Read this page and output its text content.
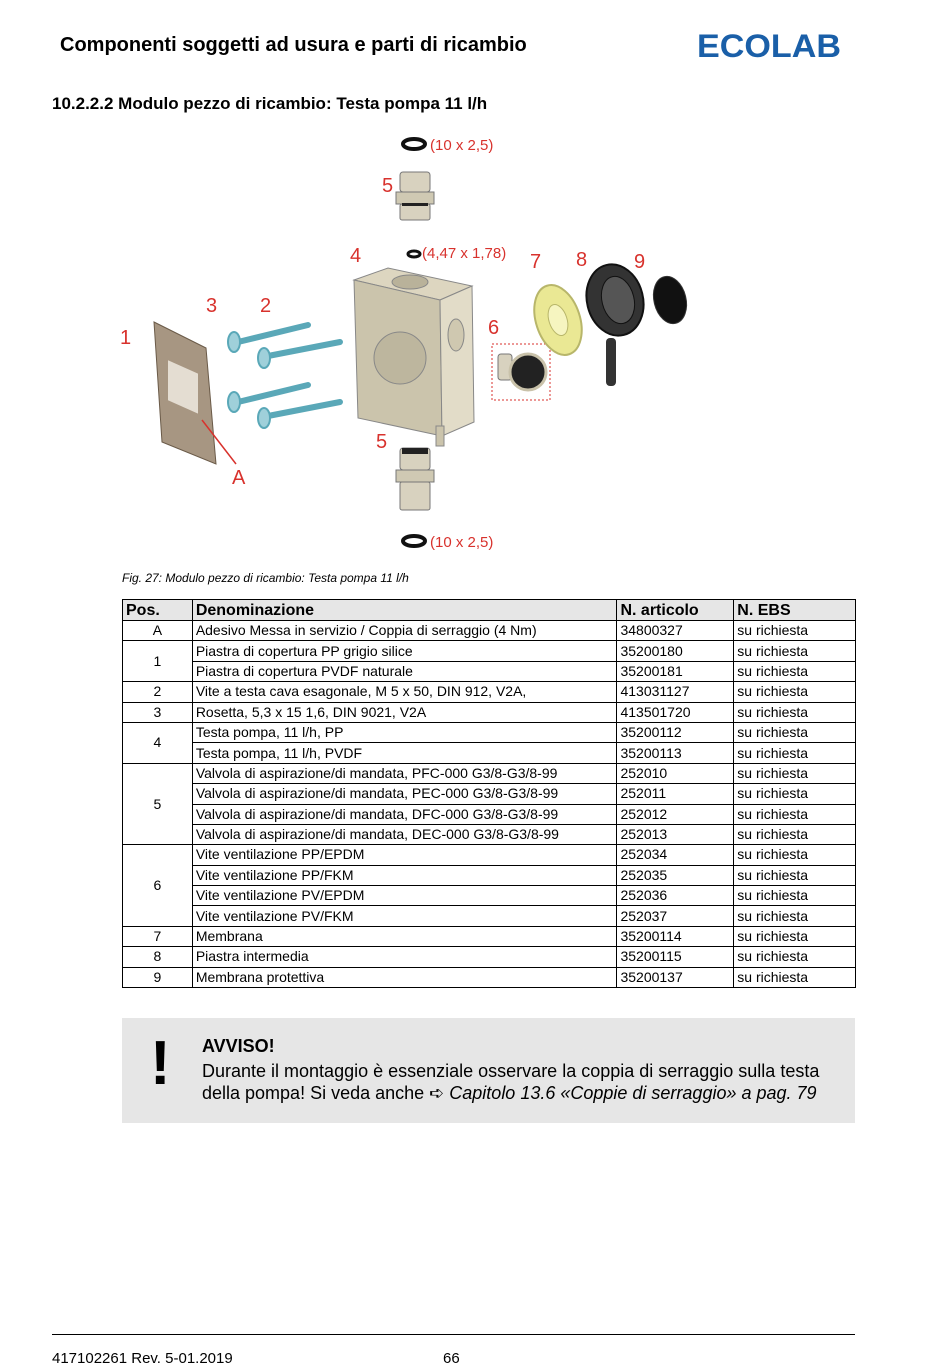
Componenti soggetti ad usura e parti di ricambio	ECOLAB
10.2.2.2 Modulo pezzo di ricambio: Testa pompa 11 l/h
(10 x 2,5)
5
(4,47 x 1,78)
4
3 2
1
A
6
7 8 9
5
(10 x 2,5)
Fig. 27: Modulo pezzo di ricambio: Testa pompa 11 l/h
Pos.	Denominazione	N. articolo	N. EBS
A	Adesivo Messa in servizio / Coppia di serraggio (4 Nm)	34800327	su richiesta
1	Piastra di copertura PP grigio silice	35200180	su richiesta
	Piastra di copertura PVDF naturale	35200181	su richiesta
2	Vite a testa cava esagonale, M 5 x 50, DIN 912, V2A,	413031127	su richiesta
3	Rosetta, 5,3 x 15 1,6, DIN 9021, V2A	413501720	su richiesta
4	Testa pompa, 11 l/h, PP	35200112	su richiesta
	Testa pompa, 11 l/h, PVDF	35200113	su richiesta
5	Valvola di aspirazione/di mandata, PFC-000 G3/8-G3/8-99	252010	su richiesta
	Valvola di aspirazione/di mandata, PEC-000 G3/8-G3/8-99	252011	su richiesta
	Valvola di aspirazione/di mandata, DFC-000 G3/8-G3/8-99	252012	su richiesta
	Valvola di aspirazione/di mandata, DEC-000 G3/8-G3/8-99	252013	su richiesta
6	Vite ventilazione PP/EPDM	252034	su richiesta
	Vite ventilazione PP/FKM	252035	su richiesta
	Vite ventilazione PV/EPDM	252036	su richiesta
	Vite ventilazione PV/FKM	252037	su richiesta
7	Membrana	35200114	su richiesta
8	Piastra intermedia	35200115	su richiesta
9	Membrana protettiva	35200137	su richiesta
! AVVISO!
Durante il montaggio è essenziale osservare la coppia di serraggio sulla testa della pompa! Si veda anche ➪ Capitolo 13.6 «Coppie di serraggio» a pag. 79
417102261 Rev. 5-01.2019	66
